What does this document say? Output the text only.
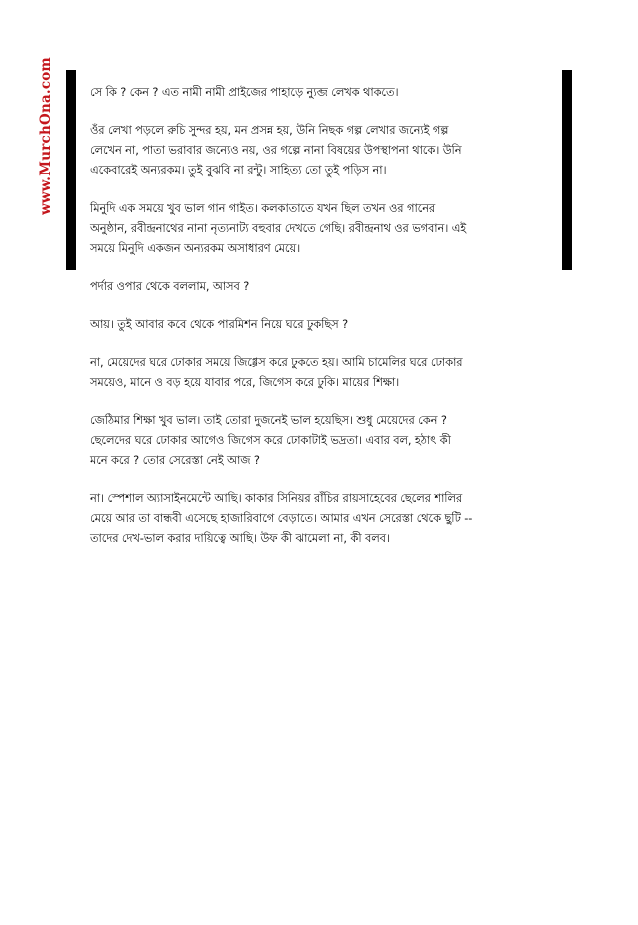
www.MurchOna.com	সে কি ? কেন ? এত নামী নামী প্রাইজের পাহাড়ে ন্যুব্জ লেখক থাকতে।

ওঁর লেখা পড়লে রুচি সুন্দর হয়, মন প্রসন্ন হয়, উনি নিছক গল্প লেখার জন্যেই গল্প
লেখেন না, পাতা ভরাবার জন্যেও নয়, ওর গল্পে নানা বিষয়ের উপস্থাপনা থাকে। উনি
একেবারেই অন্যরকম। তুই বুঝবি না রন্টু। সাহিত্য তো তুই পড়িস না।

মিনুদি এক সময়ে খুব ভাল গান গাইত। কলকাতাতে যখন ছিল তখন ওর গানের
অনুষ্ঠান, রবীন্দ্রনাথের নানা নৃত্যনাট্য বহুবার দেখতে গেছি। রবীন্দ্রনাথ ওর ভগবান। এই
সময়ে মিনুদি একজন অন্যরকম অসাধারণ মেয়ে।

পর্দার ওপার থেকে বললাম, আসব ?

আয়। তুই আবার কবে থেকে পারমিশন নিয়ে ঘরে ঢুকছিস ?

না, মেয়েদের ঘরে ঢোকার সময়ে জিগ্গেস করে ঢুকতে হয়। আমি চামেলির ঘরে ঢোকার
সময়েও, মানে ও বড় হয়ে যাবার পরে, জিগেস করে ঢুকি। মায়ের শিক্ষা।

জেঠিমার শিক্ষা খুব ভাল। তাই তোরা দুজনেই ভাল হয়েছিস। শুধু মেয়েদের কেন ?
ছেলেদের ঘরে ঢোকার আগেও জিগেস করে ঢোকাটাই ভদ্রতা। এবার বল, হঠাৎ কী
মনে করে ? তোর সেরেস্তা নেই আজ ?

না। স্পেশাল অ্যাসাইনমেন্টে আছি। কাকার সিনিয়র রাঁচির রায়সাহেবের ছেলের শালির
মেয়ে আর তা বান্ধবী এসেছে হাজারিবাগে বেড়াতে। আমার এখন সেরেস্তা থেকে ছুটি --
তাদের দেখ-ভাল করার দায়িত্বে আছি। উফ কী ঝামেলা না, কী বলব।
